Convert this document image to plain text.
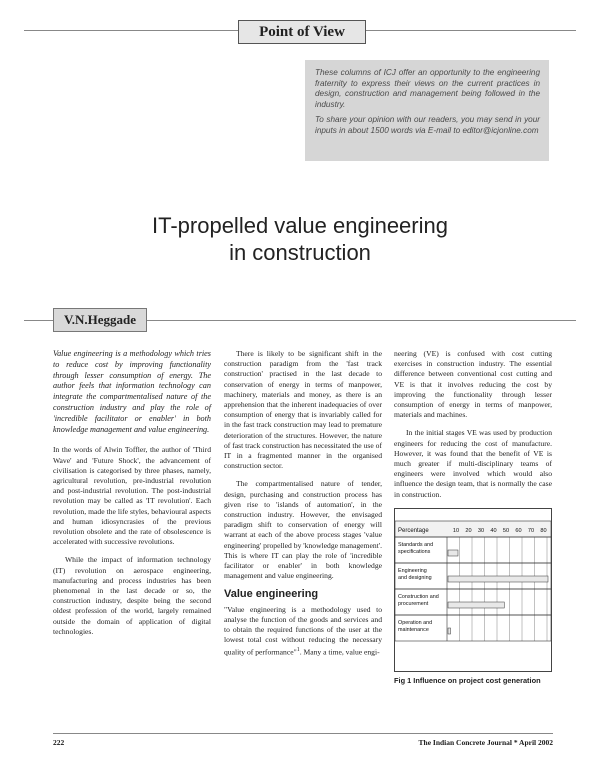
Point of View

These columns of ICJ offer an opportunity to the engineering fraternity to express their views on the current practices in design, construction and management being followed in the industry.

To share your opinion with our readers, you may send in your inputs in about 1500 words via E-mail to editor@icjonline.com

IT-propelled value engineering
in construction
V.N.Heggade

Value engineering is a methodology which tries to reduce cost by improving functionality through lesser consumption of energy. The author feels that information technology can integrate the compartmentalised nature of the construction industry and play the role of 'incredible facilitator or enabler' in both knowledge management and value engineering.

In the words of Alwin Toffler, the author of 'Third Wave' and 'Future Shock', the advancement of civilisation is categorised by three phases, namely, agricultural revolution, pre-industrial revolution and post-industrial revolution. The post-industrial revolution may be called as 'IT revolution'. Each revolution, made the life styles, behavioural aspects and human idiosyncrasies of the previous revolution obsolete and the rate of obsolescence is accelerated with successive revolutions.

While the impact of information technology (IT) revolution on aerospace engineering, manufacturing and process industries has been phenomenal in the last decade or so, the construction industry, despite being the second oldest profession of the world, largely remained outside the domain of application of digital technologies.

There is likely to be significant shift in the construction paradigm from the 'fast track construction' practised in the last decade to conservation of energy in terms of manpower, machinery, materials and money, as there is an apprehension that the inherent inadequacies of over consumption of energy that is invariably called for in the fast track construction may lead to premature deterioration of the structures. However, the nature of fast track construction has necessitated the use of IT in a fragmented manner in the organised construction sector.

The compartmentalised nature of tender, design, purchasing and construction process has given rise to 'islands of automation', in the construction industry. However, the envisaged paradigm shift to conservation of energy will warrant at each of the above process stages 'value engineering' propelled by 'knowledge management'. This is where IT can play the role of 'incredible facilitator or enabler' in both knowledge management and value engineering.

Value engineering

"Value engineering is a methodology used to analyse the function of the goods and services and to obtain the required functions of the user at the lowest total cost without reducing the necessary quality of performance"$^1$. Many a time, value engi-

neering (VE) is confused with cost cutting exercises in construction industry. The essential difference between conventional cost cutting and VE is that it involves reducing the cost by improving the functionality through lesser consumption of energy in terms of manpower, materials and machines.

In the initial stages VE was used by production engineers for reducing the cost of manufacture. However, it was found that the benefit of VE is much greater if multi-disciplinary teams of engineers were involved which would also influence the design team, that is normally the case in construction.

Percentage	10 20 30 40 50 60 70 80
Standards and
specifications
Engineering
and designing
Construction and
procurement
Operation and
maintenance
Fig 1 Influence on project cost generation
222	The Indian Concrete Journal * April 2002
